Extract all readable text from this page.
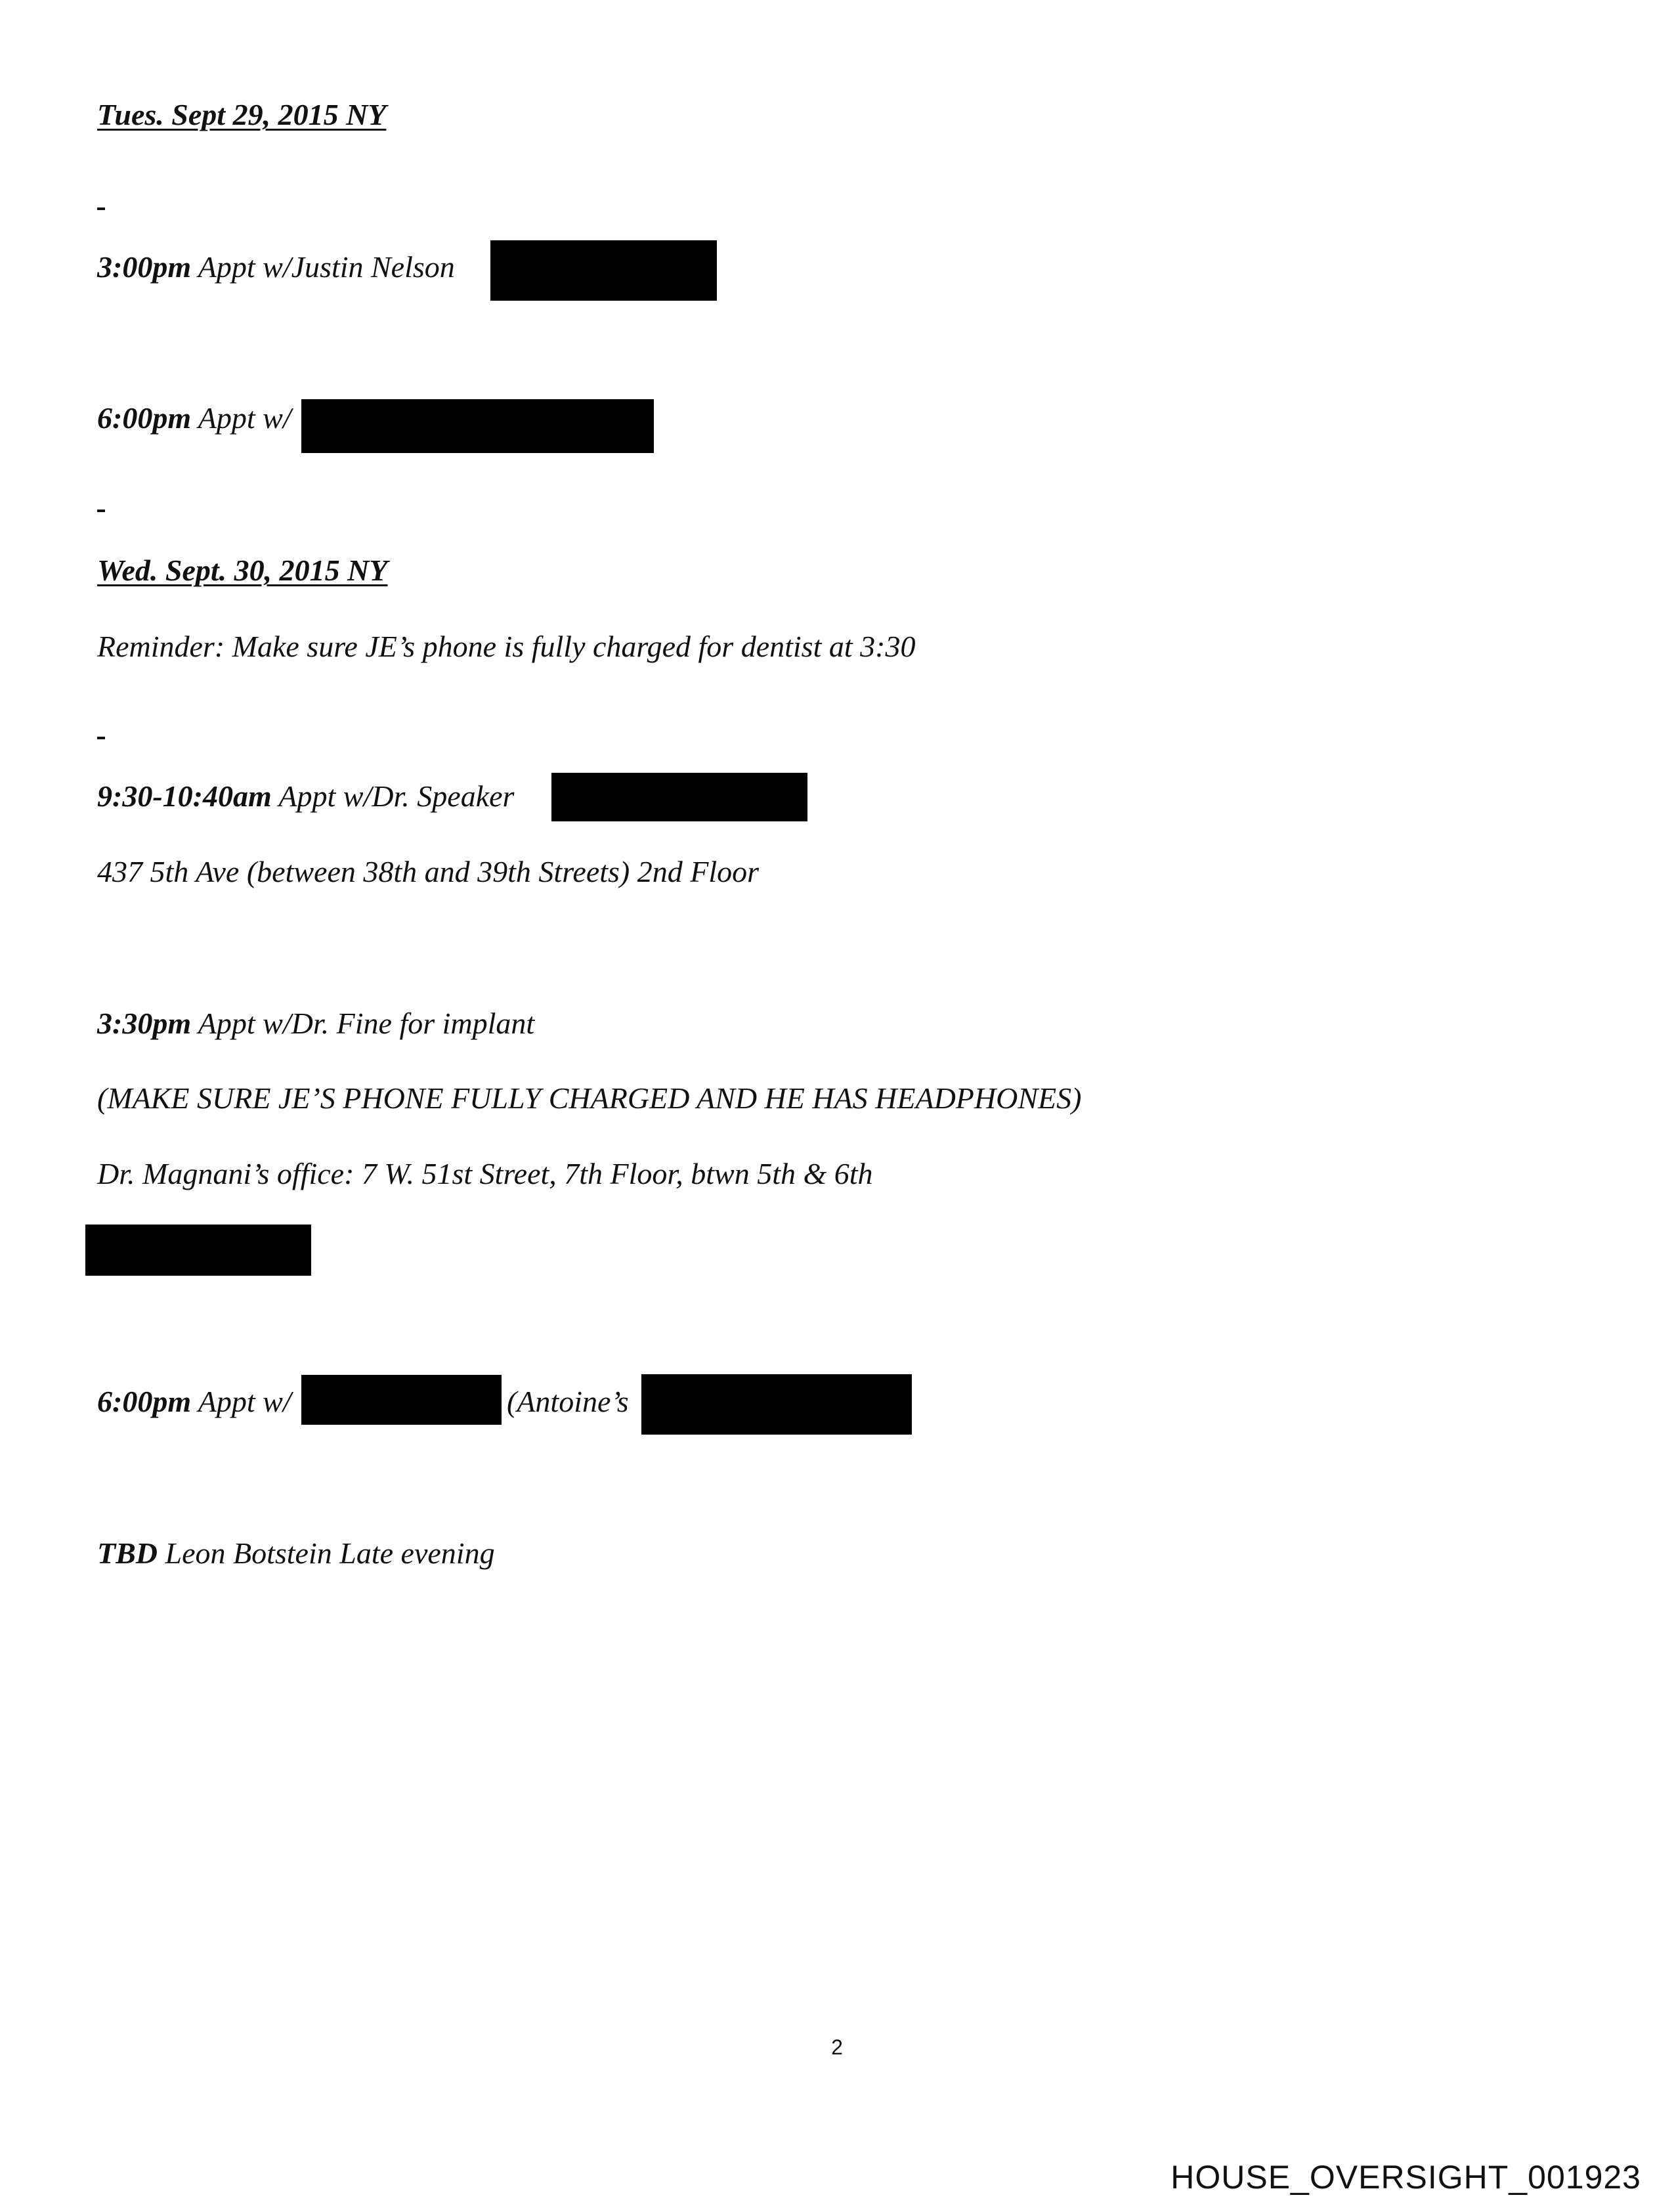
Tues. Sept 29, 2015 NY
3:00pm Appt w/Justin Nelson
6:00pm Appt w/
Wed. Sept. 30, 2015 NY
Reminder: Make sure JE’s phone is fully charged for dentist at 3:30
9:30-10:40am Appt w/Dr. Speaker
437 5th Ave (between 38th and 39th Streets) 2nd Floor
3:30pm Appt w/Dr. Fine for implant
(MAKE SURE JE’S PHONE FULLY CHARGED AND HE HAS HEADPHONES)
Dr. Magnani’s office: 7 W. 51st Street, 7th Floor, btwn 5th & 6th
6:00pm Appt w/	(Antoine’s
TBD Leon Botstein Late evening
2
HOUSE_OVERSIGHT_001923
